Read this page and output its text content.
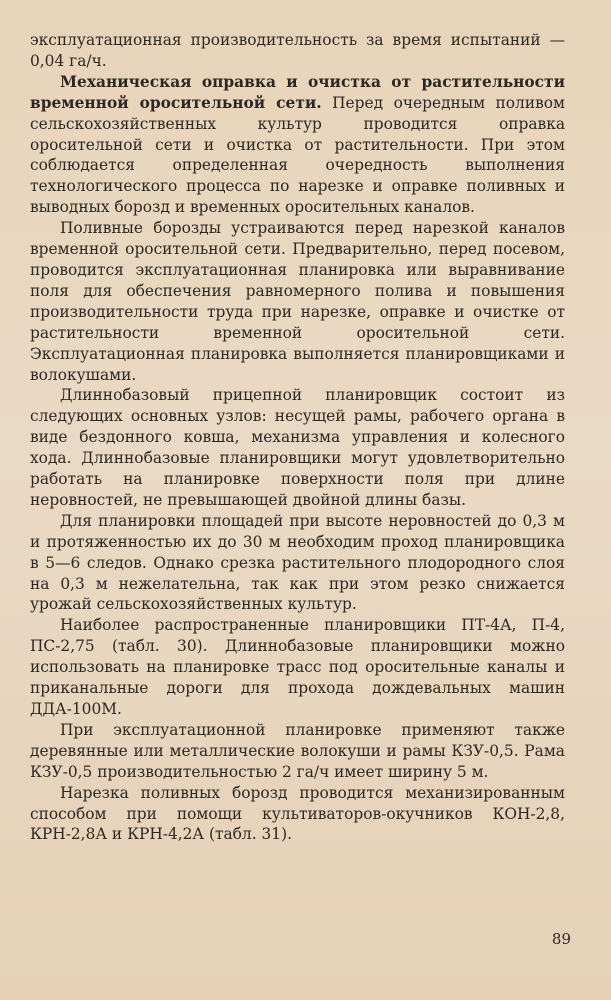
эксплуатационная производительность за время испытаний — 0,04 га/ч.

Механическая оправка и очистка от растительности временной оросительной сети. Перед очередным поливом сельскохозяйственных культур проводится оправка оросительной сети и очистка от растительности. При этом соблюдается определенная очередность выполнения технологического процесса по нарезке и оправке поливных и выводных борозд и временных оросительных каналов.

Поливные борозды устраиваются перед нарезкой каналов временной оросительной сети. Предварительно, перед посевом, проводится эксплуатационная планировка или выравнивание поля для обеспечения равномерного полива и повышения производительности труда при нарезке, оправке и очистке от растительности временной оросительной сети. Эксплуатационная планировка выполняется планировщиками и волокушами.

Длиннобазовый прицепной планировщик состоит из следующих основных узлов: несущей рамы, рабочего органа в виде бездонного ковша, механизма управления и колесного хода. Длиннобазовые планировщики могут удовлетворительно работать на планировке поверхности поля при длине неровностей, не превышающей двойной длины базы.

Для планировки площадей при высоте неровностей до 0,3 м и протяженностью их до 30 м необходим проход планировщика в 5—6 следов. Однако срезка растительного плодородного слоя на 0,3 м нежелательна, так как при этом резко снижается урожай сельскохозяйственных культур.

Наиболее распространенные планировщики ПТ-4А, П-4, ПС-2,75 (табл. 30). Длиннобазовые планировщики можно использовать на планировке трасс под оросительные каналы и приканальные дороги для прохода дождевальных машин ДДА-100М.

При эксплуатационной планировке применяют также деревянные или металлические волокуши и рамы КЗУ-0,5. Рама КЗУ-0,5 производительностью 2 га/ч имеет ширину 5 м.

Нарезка поливных борозд проводится механизированным способом при помощи культиваторов-окучников КОН-2,8, КРН-2,8А и КРН-4,2А (табл. 31).

89
